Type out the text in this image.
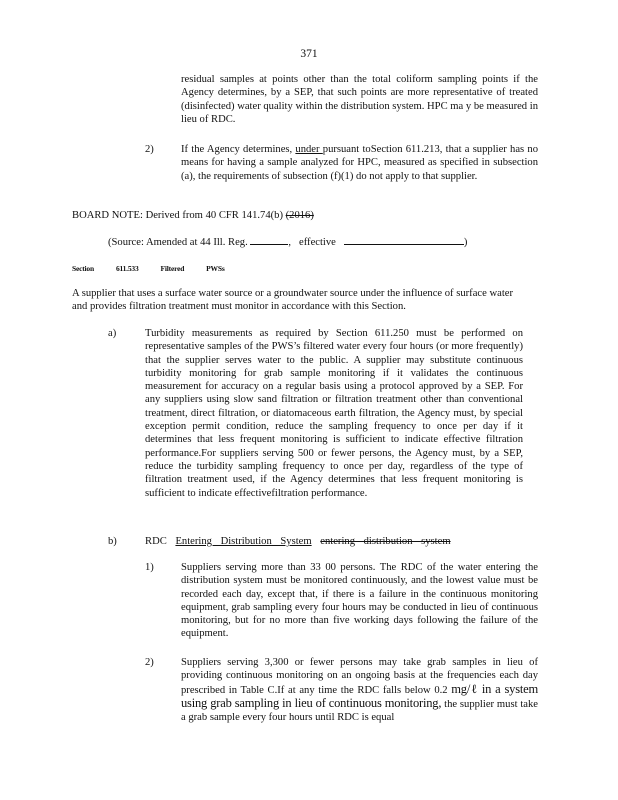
371

residual samples at points other than the total coliform sampling points if the Agency determines, by a SEP, that such points are more representative of treated (disinfected) water quality within the distribution system. HPC ma y be measured in lieu of RDC.

2)	If the Agency determines, under pursuant toSection 611.213, that a supplier has no means for having a sample analyzed for HPC, measured as specified in subsection (a), the requirements of subsection (f)(1) do not apply to that supplier.

BOARD NOTE: Derived from 40 CFR 141.74(b) (2016)

(Source: Amended at 44 Ill. Reg.	, effective	)
Section	611.533	Filtered	PWSs

A supplier that uses a surface water source or a groundwater source under the influence of surface water and provides filtration treatment must monitor in accordance with this Section.

a)	Turbidity measurements as required by Section 611.250 must be performed on representative samples of the PWS’s filtered water every four hours (or more frequently) that the supplier serves water to the public. A supplier may substitute continuous turbidity monitoring for grab sample monitoring if it validates the continuous measurement for accuracy on a regular basis using a protocol approved by a SEP. For any suppliers using slow sand filtration or filtration treatment other than conventional treatment, direct filtration, or diatomaceous earth filtration, the Agency must, by special exception permit condition, reduce the sampling frequency to once per day if it determines that less frequent monitoring is sufficient to indicate effective filtration performance.For suppliers serving 500 or fewer persons, the Agency must, by a SEP, reduce the turbidity sampling frequency to once per day, regardless of the type of filtration treatment used, if the Agency determines that less frequent monitoring is sufficient to indicate effectivefiltration performance.

b)	RDC Entering Distribution System entering distribution system
1)	Suppliers serving more than 33 00 persons. The RDC of the water entering the distribution system must be monitored continuously, and the lowest value must be recorded each day, except that, if there is a failure in the continuous monitoring equipment, grab sampling every four hours may be conducted in lieu of continuous monitoring, but for no more than five working days following the failure of the equipment.

2)	Suppliers serving 3,300 or fewer persons may take grab samples in lieu of providing continuous monitoring on an ongoing basis at the frequencies each day prescribed in Table C.If at any time the RDC falls below 0.2 mg/ℓ in a system using grab sampling in lieu of continuous monitoring, the supplier must take a grab sample every four hours until RDC is equal
